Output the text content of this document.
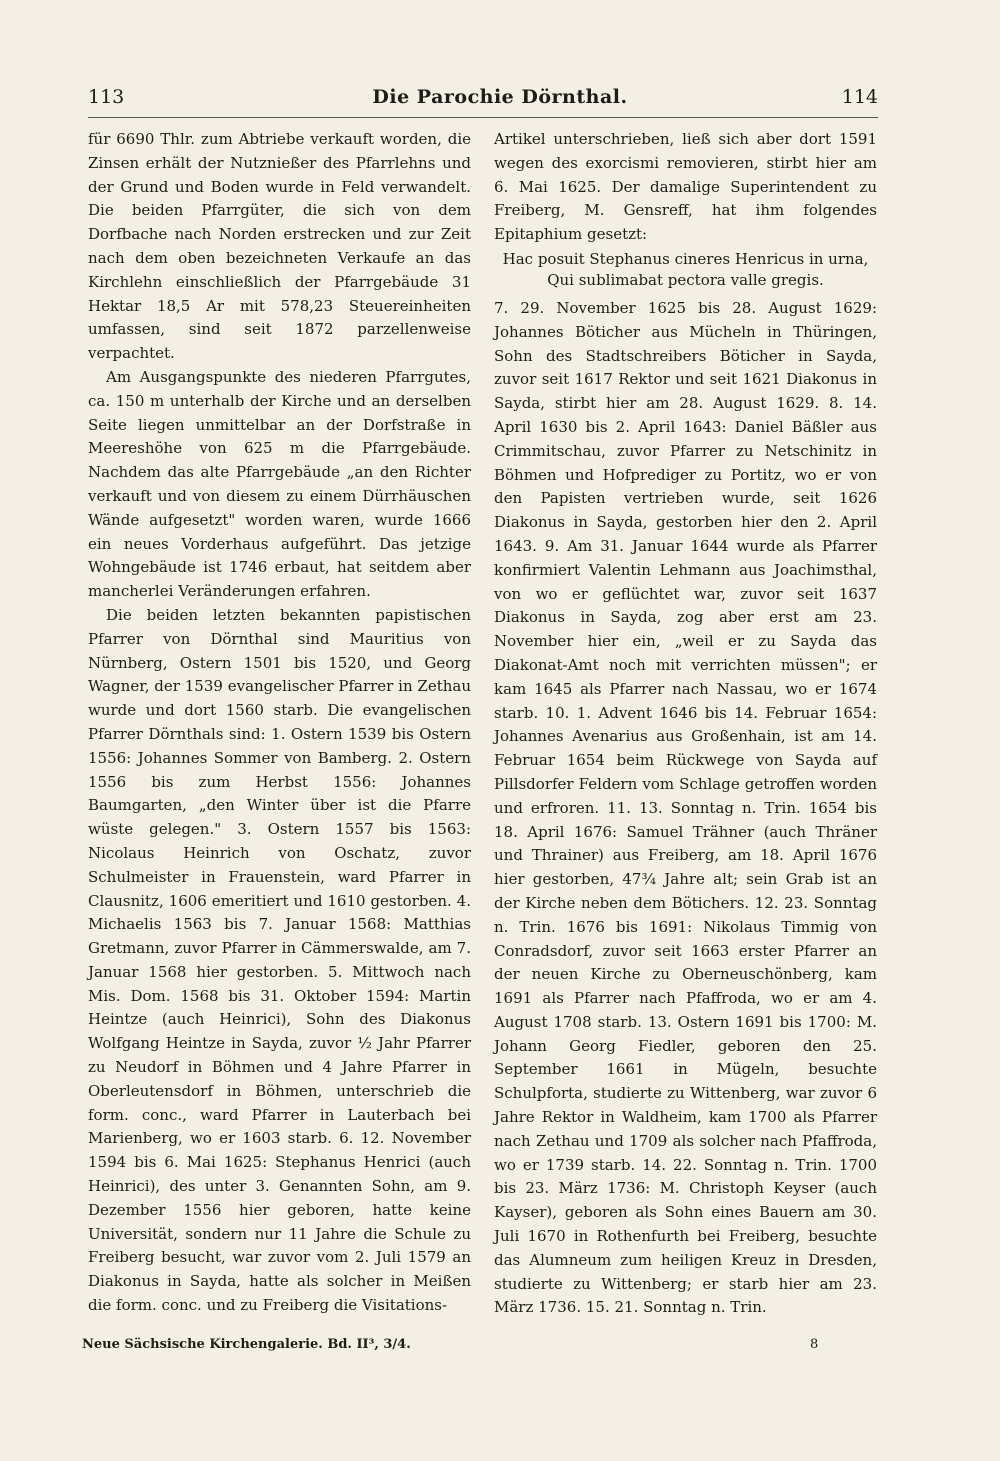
113	Die Parochie Dörnthal.	114

für 6690 Thlr. zum Abtriebe verkauft worden, die Zinsen erhält der Nutznießer des Pfarrlehns und der Grund und Boden wurde in Feld verwandelt. Die beiden Pfarrgüter, die sich von dem Dorfbache nach Norden erstrecken und zur Zeit nach dem oben bezeichneten Verkaufe an das Kirchlehn einschließlich der Pfarrgebäude 31 Hektar 18,5 Ar mit 578,23 Steuereinheiten umfassen, sind seit 1872 parzellenweise verpachtet.

Am Ausgangspunkte des niederen Pfarrgutes, ca. 150 m unterhalb der Kirche und an derselben Seite liegen unmittelbar an der Dorfstraße in Meereshöhe von 625 m die Pfarrgebäude. Nachdem das alte Pfarrgebäude „an den Richter verkauft und von diesem zu einem Dürrhäuschen Wände aufgesetzt" worden waren, wurde 1666 ein neues Vorderhaus aufgeführt. Das jetzige Wohngebäude ist 1746 erbaut, hat seitdem aber mancherlei Veränderungen erfahren.

Die beiden letzten bekannten papistischen Pfarrer von Dörnthal sind Mauritius von Nürnberg, Ostern 1501 bis 1520, und Georg Wagner, der 1539 evangelischer Pfarrer in Zethau wurde und dort 1560 starb. Die evangelischen Pfarrer Dörnthals sind: 1. Ostern 1539 bis Ostern 1556: Johannes Sommer von Bamberg. 2. Ostern 1556 bis zum Herbst 1556: Johannes Baumgarten, „den Winter über ist die Pfarre wüste gelegen." 3. Ostern 1557 bis 1563: Nicolaus Heinrich von Oschatz, zuvor Schulmeister in Frauenstein, ward Pfarrer in Clausnitz, 1606 emeritiert und 1610 gestorben. 4. Michaelis 1563 bis 7. Januar 1568: Matthias Gretmann, zuvor Pfarrer in Cämmerswalde, am 7. Januar 1568 hier gestorben. 5. Mittwoch nach Mis. Dom. 1568 bis 31. Oktober 1594: Martin Heintze (auch Heinrici), Sohn des Diakonus Wolfgang Heintze in Sayda, zuvor ½ Jahr Pfarrer zu Neudorf in Böhmen und 4 Jahre Pfarrer in Oberleutensdorf in Böhmen, unterschrieb die form. conc., ward Pfarrer in Lauterbach bei Marienberg, wo er 1603 starb. 6. 12. November 1594 bis 6. Mai 1625: Stephanus Henrici (auch Heinrici), des unter 3. Genannten Sohn, am 9. Dezember 1556 hier geboren, hatte keine Universität, sondern nur 11 Jahre die Schule zu Freiberg besucht, war zuvor vom 2. Juli 1579 an Diakonus in Sayda, hatte als solcher in Meißen die form. conc. und zu Freiberg die Visitations-

Artikel unterschrieben, ließ sich aber dort 1591 wegen des exorcismi removieren, stirbt hier am 6. Mai 1625. Der damalige Superintendent zu Freiberg, M. Gensreff, hat ihm folgendes Epitaphium gesetzt:

Hac posuit Stephanus cineres Henricus in urna,

Qui sublimabat pectora valle gregis.

7. 29. November 1625 bis 28. August 1629: Johannes Böticher aus Mücheln in Thüringen, Sohn des Stadtschreibers Böticher in Sayda, zuvor seit 1617 Rektor und seit 1621 Diakonus in Sayda, stirbt hier am 28. August 1629. 8. 14. April 1630 bis 2. April 1643: Daniel Bäßler aus Crimmitschau, zuvor Pfarrer zu Netschinitz in Böhmen und Hofprediger zu Portitz, wo er von den Papisten vertrieben wurde, seit 1626 Diakonus in Sayda, gestorben hier den 2. April 1643. 9. Am 31. Januar 1644 wurde als Pfarrer konfirmiert Valentin Lehmann aus Joachimsthal, von wo er geflüchtet war, zuvor seit 1637 Diakonus in Sayda, zog aber erst am 23. November hier ein, „weil er zu Sayda das Diakonat-Amt noch mit verrichten müssen"; er kam 1645 als Pfarrer nach Nassau, wo er 1674 starb. 10. 1. Advent 1646 bis 14. Februar 1654: Johannes Avenarius aus Großenhain, ist am 14. Februar 1654 beim Rückwege von Sayda auf Pillsdorfer Feldern vom Schlage getroffen worden und erfroren. 11. 13. Sonntag n. Trin. 1654 bis 18. April 1676: Samuel Trähner (auch Thräner und Thrainer) aus Freiberg, am 18. April 1676 hier gestorben, 47¾ Jahre alt; sein Grab ist an der Kirche neben dem Bötichers. 12. 23. Sonntag n. Trin. 1676 bis 1691: Nikolaus Timmig von Conradsdorf, zuvor seit 1663 erster Pfarrer an der neuen Kirche zu Oberneuschönberg, kam 1691 als Pfarrer nach Pfaffroda, wo er am 4. August 1708 starb. 13. Ostern 1691 bis 1700: M. Johann Georg Fiedler, geboren den 25. September 1661 in Mügeln, besuchte Schulpforta, studierte zu Wittenberg, war zuvor 6 Jahre Rektor in Waldheim, kam 1700 als Pfarrer nach Zethau und 1709 als solcher nach Pfaffroda, wo er 1739 starb. 14. 22. Sonntag n. Trin. 1700 bis 23. März 1736: M. Christoph Keyser (auch Kayser), geboren als Sohn eines Bauern am 30. Juli 1670 in Rothenfurth bei Freiberg, besuchte das Alumneum zum heiligen Kreuz in Dresden, studierte zu Wittenberg; er starb hier am 23. März 1736. 15. 21. Sonntag n. Trin.

Neue Sächsische Kirchengalerie. Bd. II³, 3/4.	8
